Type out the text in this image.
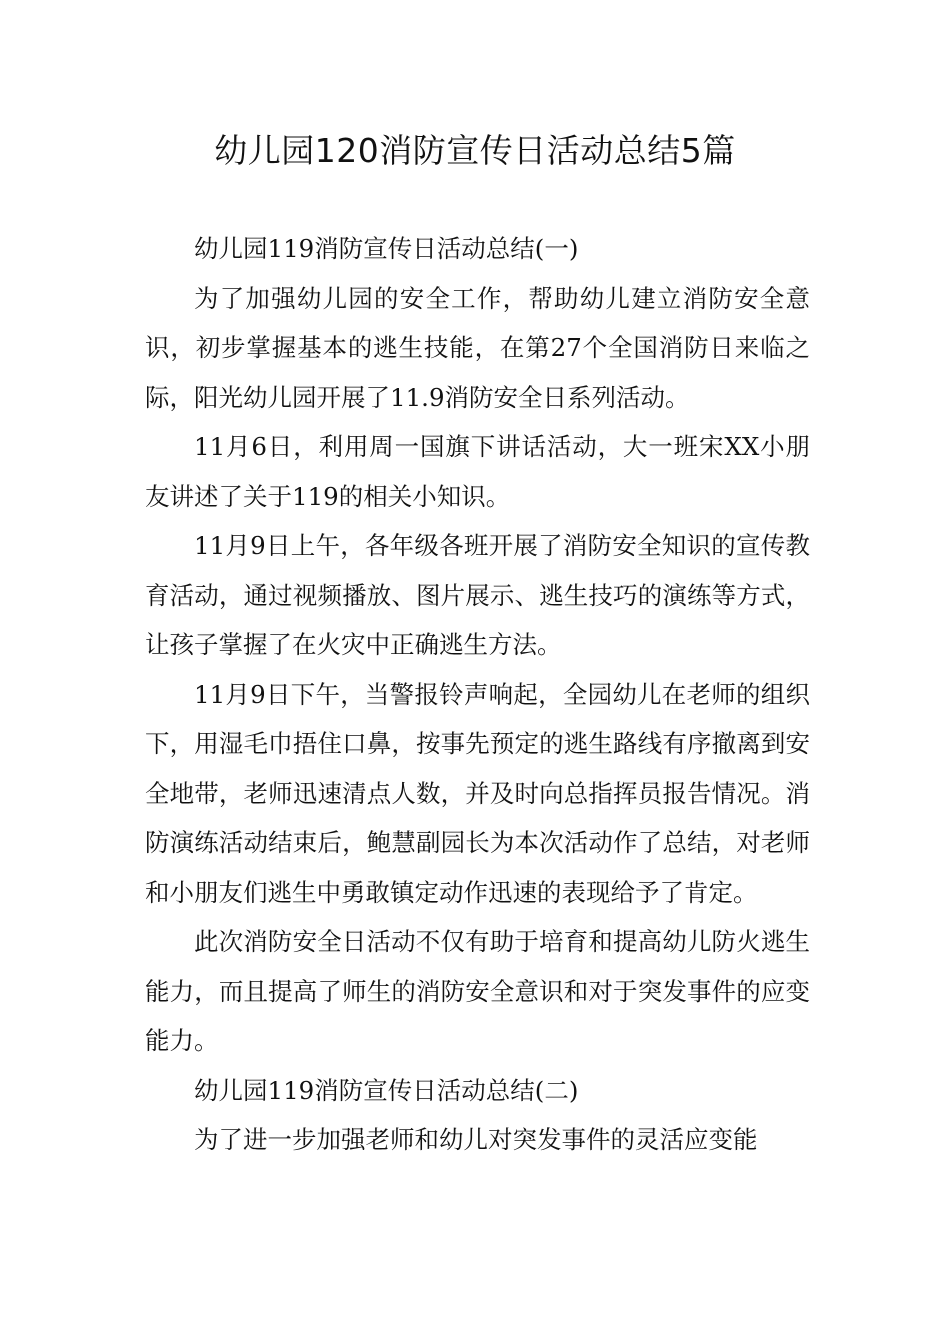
幼儿园120消防宣传日活动总结5篇

幼儿园119消防宣传日活动总结(一)

为了加强幼儿园的安全工作，帮助幼儿建立消防安全意识，初步掌握基本的逃生技能，在第27个全国消防日来临之际，阳光幼儿园开展了11.9消防安全日系列活动。

11月6日，利用周一国旗下讲话活动，大一班宋XX小朋友讲述了关于119的相关小知识。

11月9日上午，各年级各班开展了消防安全知识的宣传教育活动，通过视频播放、图片展示、逃生技巧的演练等方式，让孩子掌握了在火灾中正确逃生方法。

11月9日下午，当警报铃声响起，全园幼儿在老师的组织下，用湿毛巾捂住口鼻，按事先预定的逃生路线有序撤离到安全地带，老师迅速清点人数，并及时向总指挥员报告情况。消防演练活动结束后，鲍慧副园长为本次活动作了总结，对老师和小朋友们逃生中勇敢镇定动作迅速的表现给予了肯定。

此次消防安全日活动不仅有助于培育和提高幼儿防火逃生能力，而且提高了师生的消防安全意识和对于突发事件的应变能力。

幼儿园119消防宣传日活动总结(二)

为了进一步加强老师和幼儿对突发事件的灵活应变能
